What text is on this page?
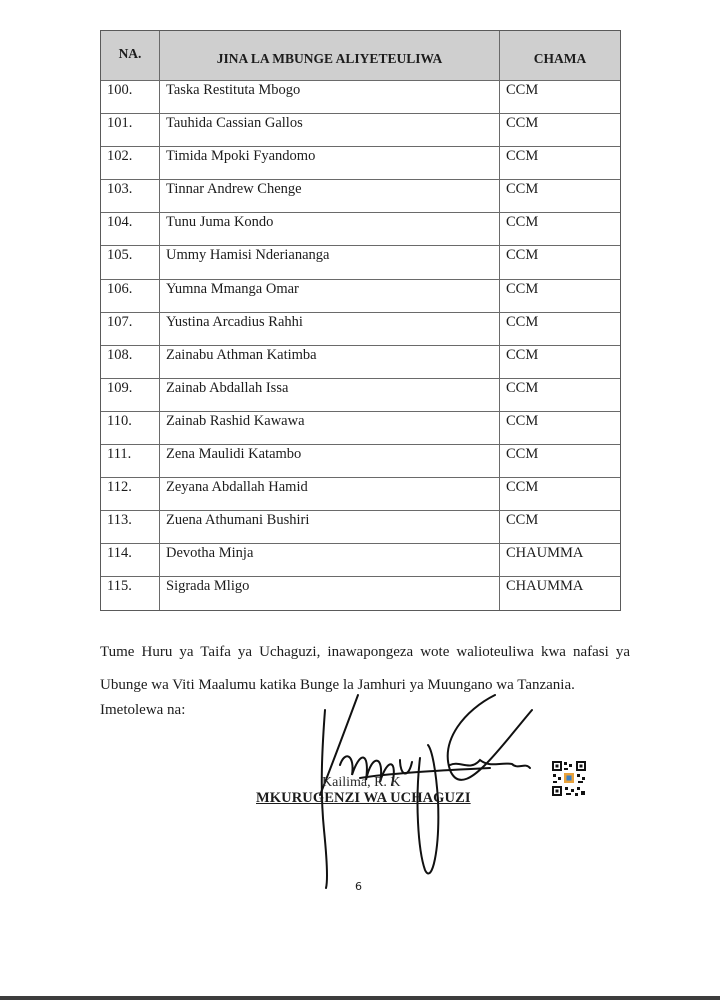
NA.	JINA LA MBUNGE ALIYETEULIWA	CHAMA
100.	Taska Restituta Mbogo	CCM
101.	Tauhida Cassian Gallos	CCM
102.	Timida Mpoki Fyandomo	CCM
103.	Tinnar Andrew Chenge	CCM
104.	Tunu Juma Kondo	CCM
105.	Ummy Hamisi Nderiananga	CCM
106.	Yumna Mmanga Omar	CCM
107.	Yustina Arcadius Rahhi	CCM
108.	Zainabu Athman Katimba	CCM
109.	Zainab Abdallah Issa	CCM
110.	Zainab Rashid Kawawa	CCM
111.	Zena Maulidi Katambo	CCM
112.	Zeyana Abdallah Hamid	CCM
113.	Zuena Athumani Bushiri	CCM
114.	Devotha Minja	CHAUMMA
115.	Sigrada Mligo	CHAUMMA
Tume Huru ya Taifa ya Uchaguzi, inawapongeza wote walioteuliwa kwa nafasi ya Ubunge wa Viti Maalumu katika Bunge la Jamhuri ya Muungano wa Tanzania.
Imetolewa na:
Kailima, R. K
MKURUGENZI WA UCHAGUZI
6
